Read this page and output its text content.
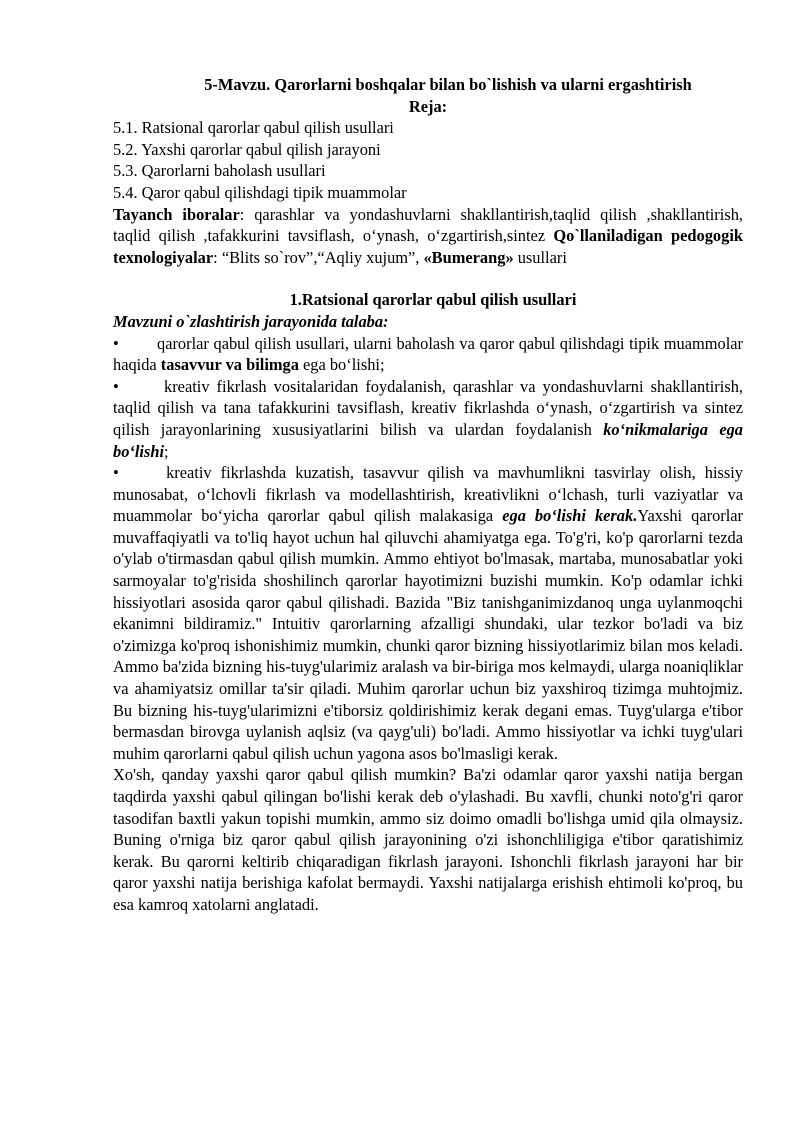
5-Mavzu. Qarorlarni boshqalar bilan bo`lishish va ularni ergashtirish

Reja:

5.1. Ratsional qarorlar qabul qilish usullari
5.2. Yaxshi qarorlar qabul qilish jarayoni
5.3. Qarorlarni baholash usullari
5.4. Qaror qabul qilishdagi tipik muammolar

Tayanch iboralar: qarashlar va yondashuvlarni shakllantirish,taqlid qilish ,shakllantirish, taqlid qilish ,tafakkurini tavsiflash, o‘ynash, o‘zgartirish,sintez Qo`llaniladigan pedogogik texnologiyalar: “Blits so`rov”,“Aqliy xujum”, «Bumerang» usullari

1.Ratsional qarorlar qabul qilish usullari

Mavzuni o`zlashtirish jarayonida talaba:

• qarorlar qabul qilish usullari, ularni baholash va qaror qabul qilishdagi tipik muammolar haqida tasavvur va bilimga ega bo‘lishi;

• kreativ fikrlash vositalaridan foydalanish, qarashlar va yondashuvlarni shakllantirish, taqlid qilish va tana tafakkurini tavsiflash, kreativ fikrlashda o‘ynash, o‘zgartirish va sintez qilish jarayonlarining xususiyatlarini bilish va ulardan foydalanish ko‘nikmalariga ega bo‘lishi;

• kreativ fikrlashda kuzatish, tasavvur qilish va mavhumlikni tasvirlay olish, hissiy munosabat, o‘lchovli fikrlash va modellashtirish, kreativlikni o‘lchash, turli vaziyatlar va muammolar bo‘yicha qarorlar qabul qilish malakasiga ega bo‘lishi kerak.Yaxshi qarorlar muvaffaqiyatli va to'liq hayot uchun hal qiluvchi ahamiyatga ega. To'g'ri, ko'p qarorlarni tezda o'ylab o'tirmasdan qabul qilish mumkin. Ammo ehtiyot bo'lmasak, martaba, munosabatlar yoki sarmoyalar to'g'risida shoshilinch qarorlar hayotimizni buzishi mumkin. Ko'p odamlar ichki hissiyotlari asosida qaror qabul qilishadi. Bazida "Biz tanishganimizdanoq unga uylanmoqchi ekanimni bildiramiz." Intuitiv qarorlarning afzalligi shundaki, ular tezkor bo'ladi va biz o'zimizga ko'proq ishonishimiz mumkin, chunki qaror bizning hissiyotlarimiz bilan mos keladi. Ammo ba'zida bizning his-tuyg'ularimiz aralash va bir-biriga mos kelmaydi, ularga noaniqliklar va ahamiyatsiz omillar ta'sir qiladi. Muhim qarorlar uchun biz yaxshiroq tizimga muhtojmiz. Bu bizning his-tuyg'ularimizni e'tiborsiz qoldirishimiz kerak degani emas. Tuyg'ularga e'tibor bermasdan birovga uylanish aqlsiz (va qayg'uli) bo'ladi. Ammo hissiyotlar va ichki tuyg'ulari muhim qarorlarni qabul qilish uchun yagona asos bo'lmasligi kerak.

Xo'sh, qanday yaxshi qaror qabul qilish mumkin? Ba'zi odamlar qaror yaxshi natija bergan taqdirda yaxshi qabul qilingan bo'lishi kerak deb o'ylashadi. Bu xavfli, chunki noto'g'ri qaror tasodifan baxtli yakun topishi mumkin, ammo siz doimo omadli bo'lishga umid qila olmaysiz. Buning o'rniga biz qaror qabul qilish jarayonining o'zi ishonchliligiga e'tibor qaratishimiz kerak. Bu qarorni keltirib chiqaradigan fikrlash jarayoni. Ishonchli fikrlash jarayoni har bir qaror yaxshi natija berishiga kafolat bermaydi. Yaxshi natijalarga erishish ehtimoli ko'proq, bu esa kamroq xatolarni anglatadi.
